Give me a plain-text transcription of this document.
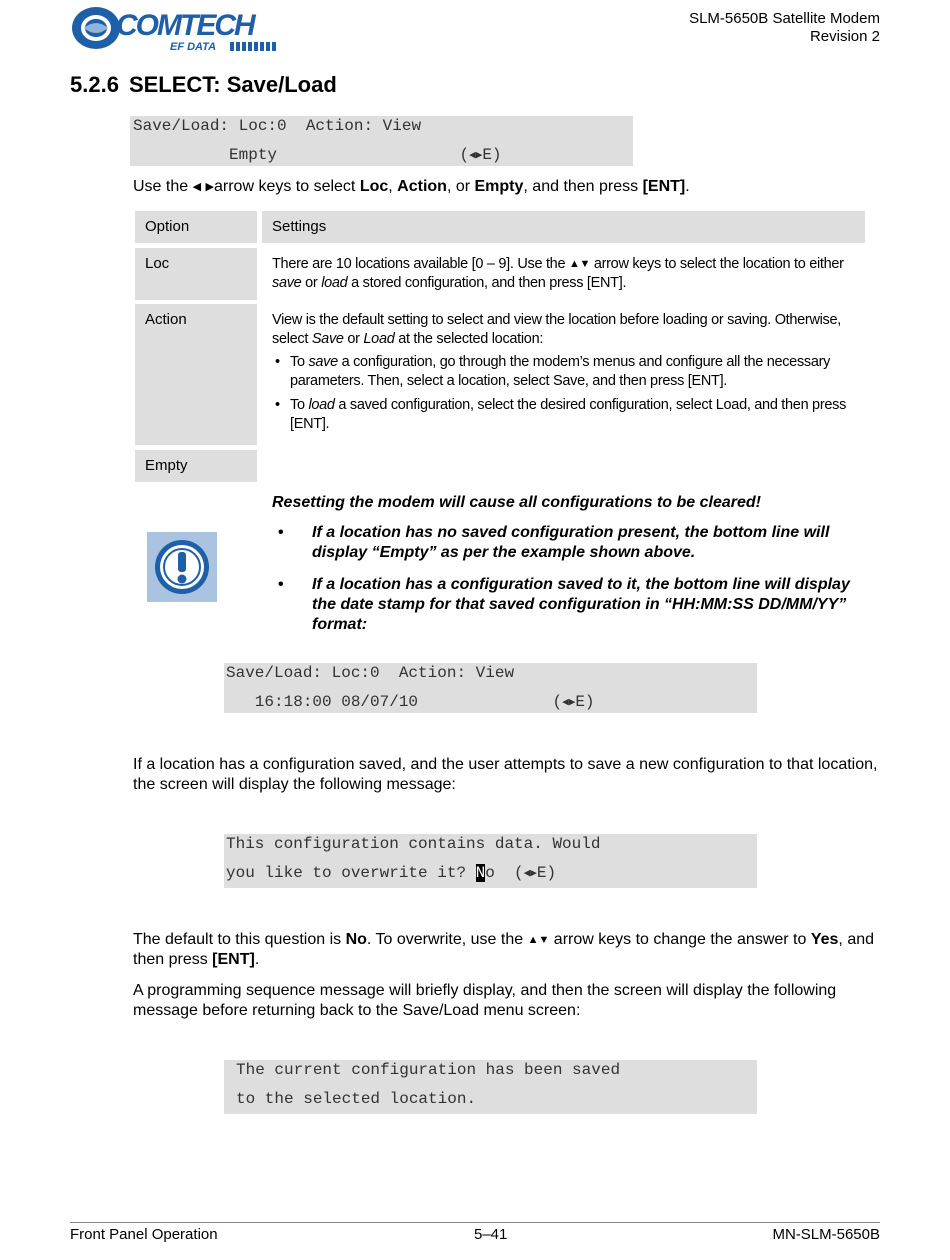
COMTECH
EF DATA
SLM-5650B Satellite Modem
Revision 2
5.2.6 SELECT: Save/Load

Save/Load: Loc:0  Action: View

Empty                   (◀▶E)

Use the ◀ ▶arrow keys to select Loc, Action, or Empty, and then press [ENT].
Option	Settings
Loc	There are 10 locations available [0 – 9]. Use the ▲▼ arrow keys to select the location to either save or load a stored configuration, and then press [ENT].
Action	View is the default setting to select and view the location before loading or saving. Otherwise, select Save or Load at the selected location:
• To save a configuration, go through the modem’s menus and configure all the necessary parameters. Then, select a location, select Save, and then press [ENT].
• To load a saved configuration, select the desired configuration, select Load, and then press [ENT].
Empty
Resetting the modem will cause all configurations to be cleared!
• If a location has no saved configuration present, the bottom line will display “Empty” as per the example shown above.
• If a location has a configuration saved to it, the bottom line will display the date stamp for that saved configuration in “HH:MM:SS DD/MM/YY” format:

Save/Load: Loc:0  Action: View

16:18:00 08/07/10              (◀▶E)

If a location has a configuration saved, and the user attempts to save a new configuration to that location, the screen will display the following message:

This configuration contains data. Would

you like to overwrite it? No  (◀▶E)

The default to this question is No. To overwrite, use the ▲▼ arrow keys to change the answer to Yes, and then press [ENT].
A programming sequence message will briefly display, and then the screen will display the following message before returning back to the Save/Load menu screen:

The current configuration has been saved

to the selected location.

Front Panel Operation	5–41	MN-SLM-5650B
